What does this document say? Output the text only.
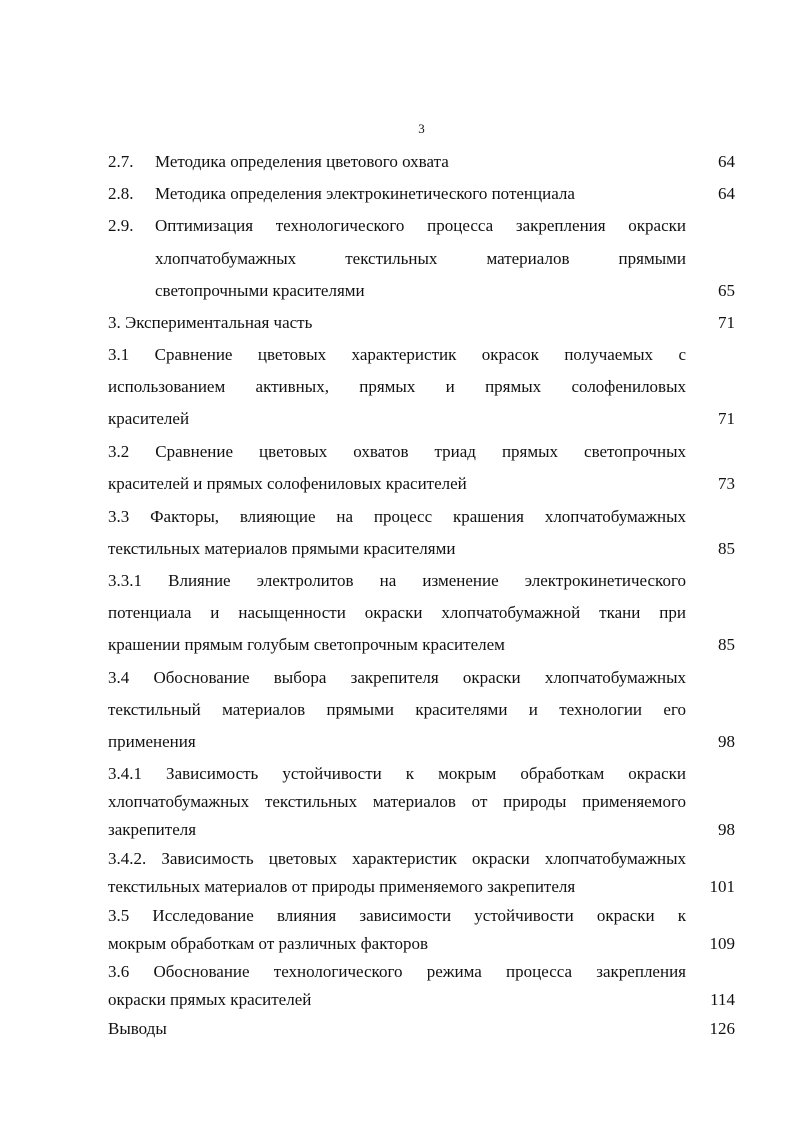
3
2.7. Методика определения цветового охвата	64
2.8. Методика определения электрокинетического потенциала	64
2.9. Оптимизация технологического процесса закрепления окраски
хлопчатобумажных текстильных материалов прямыми
светопрочными красителями	65
3. Экспериментальная часть	71
3.1 Сравнение цветовых характеристик окрасок получаемых с
использованием активных, прямых и прямых солофениловых
красителей	71
3.2 Сравнение цветовых охватов триад прямых светопрочных
красителей и прямых солофениловых красителей	73
3.3 Факторы, влияющие на процесс крашения хлопчатобумажных
текстильных материалов прямыми красителями	85
3.3.1 Влияние электролитов на изменение электрокинетического
потенциала и насыщенности окраски хлопчатобумажной ткани при
крашении прямым голубым светопрочным красителем	85
3.4 Обоснование выбора закрепителя окраски хлопчатобумажных
текстильный материалов прямыми красителями и технологии его
применения	98
3.4.1 Зависимость устойчивости к мокрым обработкам окраски
хлопчатобумажных текстильных материалов от природы применяемого
закрепителя	98
3.4.2. Зависимость цветовых характеристик окраски хлопчатобумажных
текстильных материалов от природы применяемого закрепителя	101
3.5 Исследование влияния зависимости устойчивости окраски к
мокрым обработкам от различных факторов	109
3.6 Обоснование технологического режима процесса закрепления
окраски прямых красителей	114
Выводы	126
